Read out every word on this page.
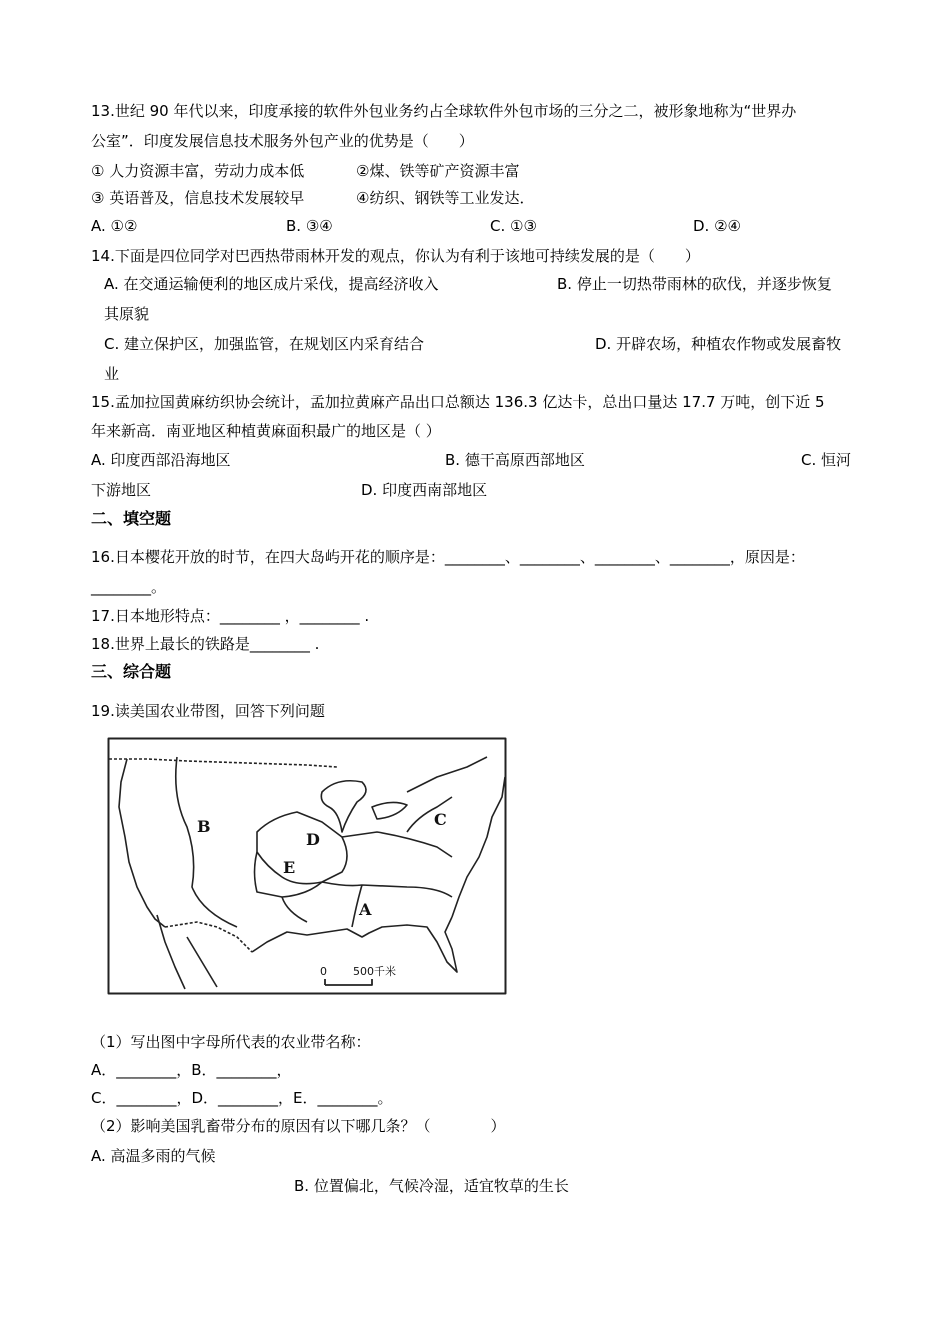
13.世纪 90 年代以来，印度承接的软件外包业务约占全球软件外包市场的三分之二，被形象地称为“世界办
公室”．印度发展信息技术服务外包产业的优势是（　　）
① 人力资源丰富，劳动力成本低	②煤、铁等矿产资源丰富
③ 英语普及，信息技术发展较早	④纺织、钢铁等工业发达．
A. ①②	B. ③④	C. ①③	D. ②④
14.下面是四位同学对巴西热带雨林开发的观点，你认为有利于该地可持续发展的是（　　）
A. 在交通运输便利的地区成片采伐，提高经济收入	B. 停止一切热带雨林的砍伐，并逐步恢复
其原貌
C. 建立保护区，加强监管，在规划区内采育结合	D. 开辟农场，种植农作物或发展畜牧
业
15.孟加拉国黄麻纺织协会统计，孟加拉黄麻产品出口总额达 136.3 亿达卡，总出口量达 17.7 万吨，创下近 5
年来新高．南亚地区种植黄麻面积最广的地区是（ ）
A. 印度西部沿海地区	B. 德干高原西部地区	C. 恒河
下游地区	D. 印度西南部地区
二、填空题
16.日本樱花开放的时节，在四大岛屿开花的顺序是：________、________、________、________，原因是：
________。
17.日本地形特点：________ ，________ .
18.世界上最长的铁路是________ .
三、综合题
19.读美国农业带图，回答下列问题
A
B	C
D
E
0 500千米
（1）写出图中字母所代表的农业带名称：
A．________，B．________，
C．________，D．________，E．________。
（2）影响美国乳畜带分布的原因有以下哪几条？（　　　　）
A. 高温多雨的气候
B. 位置偏北，气候冷湿，适宜牧草的生长
